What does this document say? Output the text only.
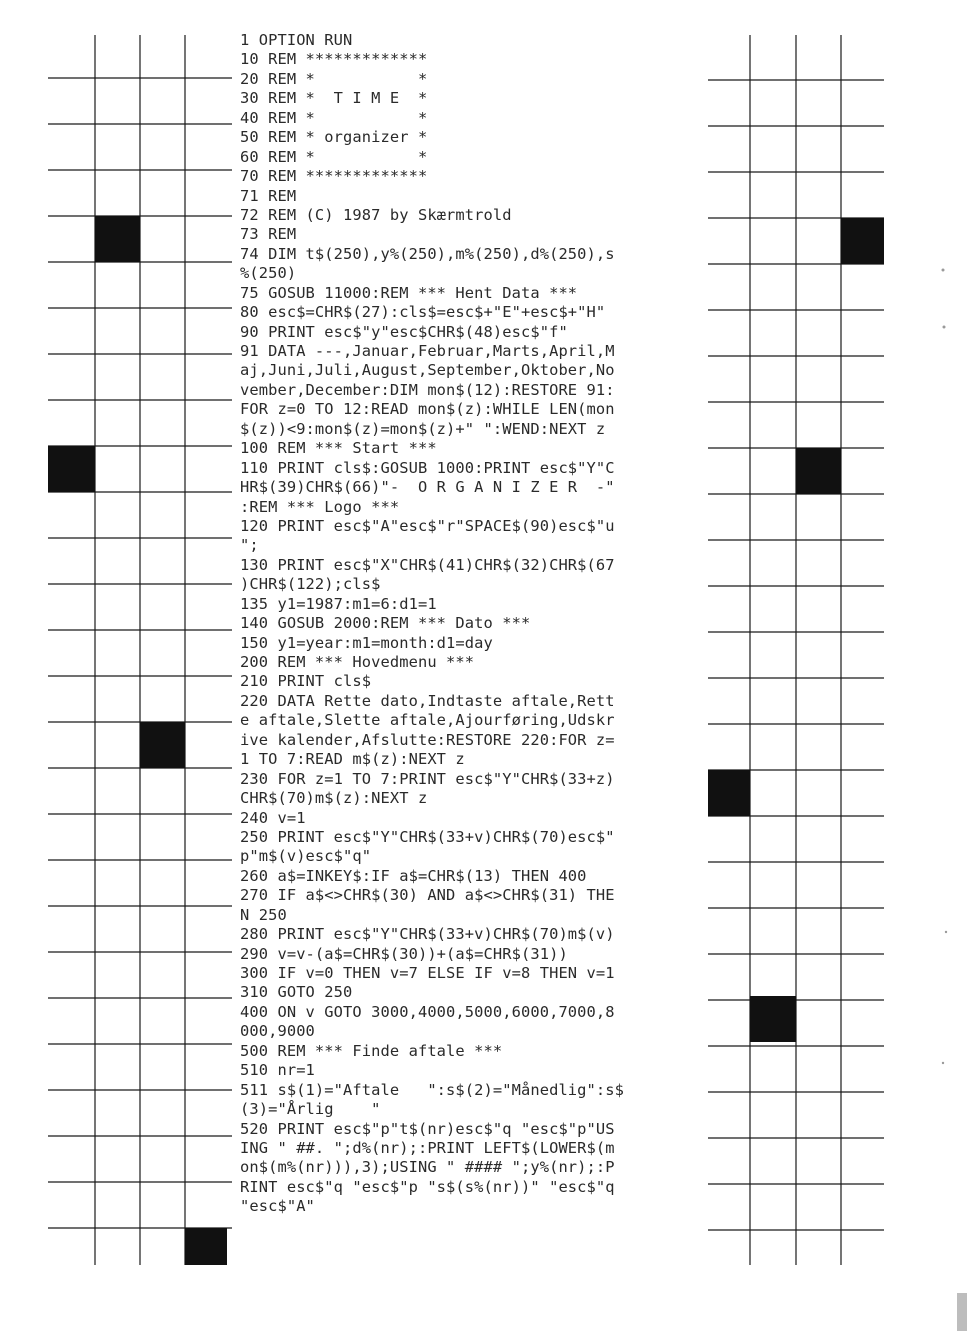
1 OPTION RUN
10 REM *************
20 REM *           *
30 REM *  T I M E  *
40 REM *           *
50 REM * organizer *
60 REM *           *
70 REM *************
71 REM
72 REM (C) 1987 by Skærmtrold
73 REM
74 DIM t$(250),y%(250),m%(250),d%(250),s
%(250)
75 GOSUB 11000:REM *** Hent Data ***
80 esc$=CHR$(27):cls$=esc$+"E"+esc$+"H"
90 PRINT esc$"y"esc$CHR$(48)esc$"f"
91 DATA ---,Januar,Februar,Marts,April,M
aj,Juni,Juli,August,September,Oktober,No
vember,December:DIM mon$(12):RESTORE 91:
FOR z=0 TO 12:READ mon$(z):WHILE LEN(mon
$(z))<9:mon$(z)=mon$(z)+" ":WEND:NEXT z
100 REM *** Start ***
110 PRINT cls$:GOSUB 1000:PRINT esc$"Y"C
HR$(39)CHR$(66)"-  O R G A N I Z E R  -"
:REM *** Logo ***
120 PRINT esc$"A"esc$"r"SPACE$(90)esc$"u
";
130 PRINT esc$"X"CHR$(41)CHR$(32)CHR$(67
)CHR$(122);cls$
135 y1=1987:m1=6:d1=1
140 GOSUB 2000:REM *** Dato ***
150 y1=year:m1=month:d1=day
200 REM *** Hovedmenu ***
210 PRINT cls$
220 DATA Rette dato,Indtaste aftale,Rett
e aftale,Slette aftale,Ajourføring,Udskr
ive kalender,Afslutte:RESTORE 220:FOR z=
1 TO 7:READ m$(z):NEXT z
230 FOR z=1 TO 7:PRINT esc$"Y"CHR$(33+z)
CHR$(70)m$(z):NEXT z
240 v=1
250 PRINT esc$"Y"CHR$(33+v)CHR$(70)esc$"
p"m$(v)esc$"q"
260 a$=INKEY$:IF a$=CHR$(13) THEN 400
270 IF a$<>CHR$(30) AND a$<>CHR$(31) THE
N 250
280 PRINT esc$"Y"CHR$(33+v)CHR$(70)m$(v)
290 v=v-(a$=CHR$(30))+(a$=CHR$(31))
300 IF v=0 THEN v=7 ELSE IF v=8 THEN v=1
310 GOTO 250
400 ON v GOTO 3000,4000,5000,6000,7000,8
000,9000
500 REM *** Finde aftale ***
510 nr=1
511 s$(1)="Aftale   ":s$(2)="Månedlig":s$
(3)="Årlig    "
520 PRINT esc$"p"t$(nr)esc$"q "esc$"p"US
ING " ##. ";d%(nr);:PRINT LEFT$(LOWER$(m
on$(m%(nr))),3);USING " #### ";y%(nr);:P
RINT esc$"q "esc$"p "s$(s%(nr))" "esc$"q
"esc$"A"
